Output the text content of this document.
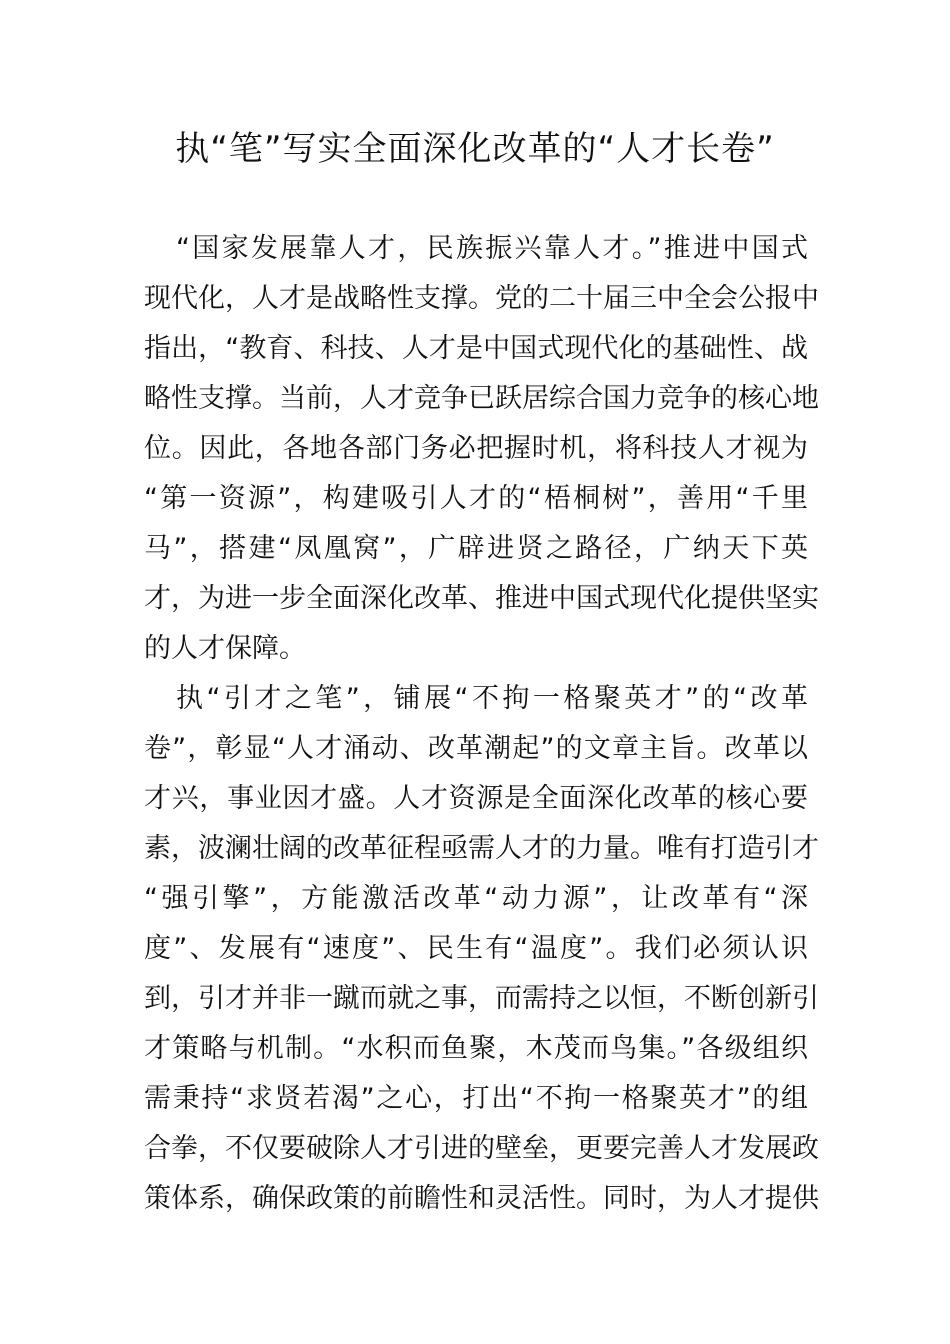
执“笔”写实全面深化改革的“人才长卷”

“国家发展靠人才，民族振兴靠人才。”推进中国式

现代化，人才是战略性支撑。党的二十届三中全会公报中

指出，“教育、科技、人才是中国式现代化的基础性、战

略性支撑。当前，人才竞争已跃居综合国力竞争的核心地

位。因此，各地各部门务必把握时机，将科技人才视为

“第一资源”，构建吸引人才的“梧桐树”，善用“千里

马”，搭建“凤凰窝”，广辟进贤之路径，广纳天下英

才，为进一步全面深化改革、推进中国式现代化提供坚实

的人才保障。

执“引才之笔”，铺展“不拘一格聚英才”的“改革

卷”，彰显“人才涌动、改革潮起”的文章主旨。改革以

才兴，事业因才盛。人才资源是全面深化改革的核心要

素，波澜壮阔的改革征程亟需人才的力量。唯有打造引才

“强引擎”，方能激活改革“动力源”，让改革有“深

度”、发展有“速度”、民生有“温度”。我们必须认识

到，引才并非一蹴而就之事，而需持之以恒，不断创新引

才策略与机制。“水积而鱼聚，木茂而鸟集。”各级组织

需秉持“求贤若渴”之心，打出“不拘一格聚英才”的组

合拳，不仅要破除人才引进的壁垒，更要完善人才发展政

策体系，确保政策的前瞻性和灵活性。同时，为人才提供
